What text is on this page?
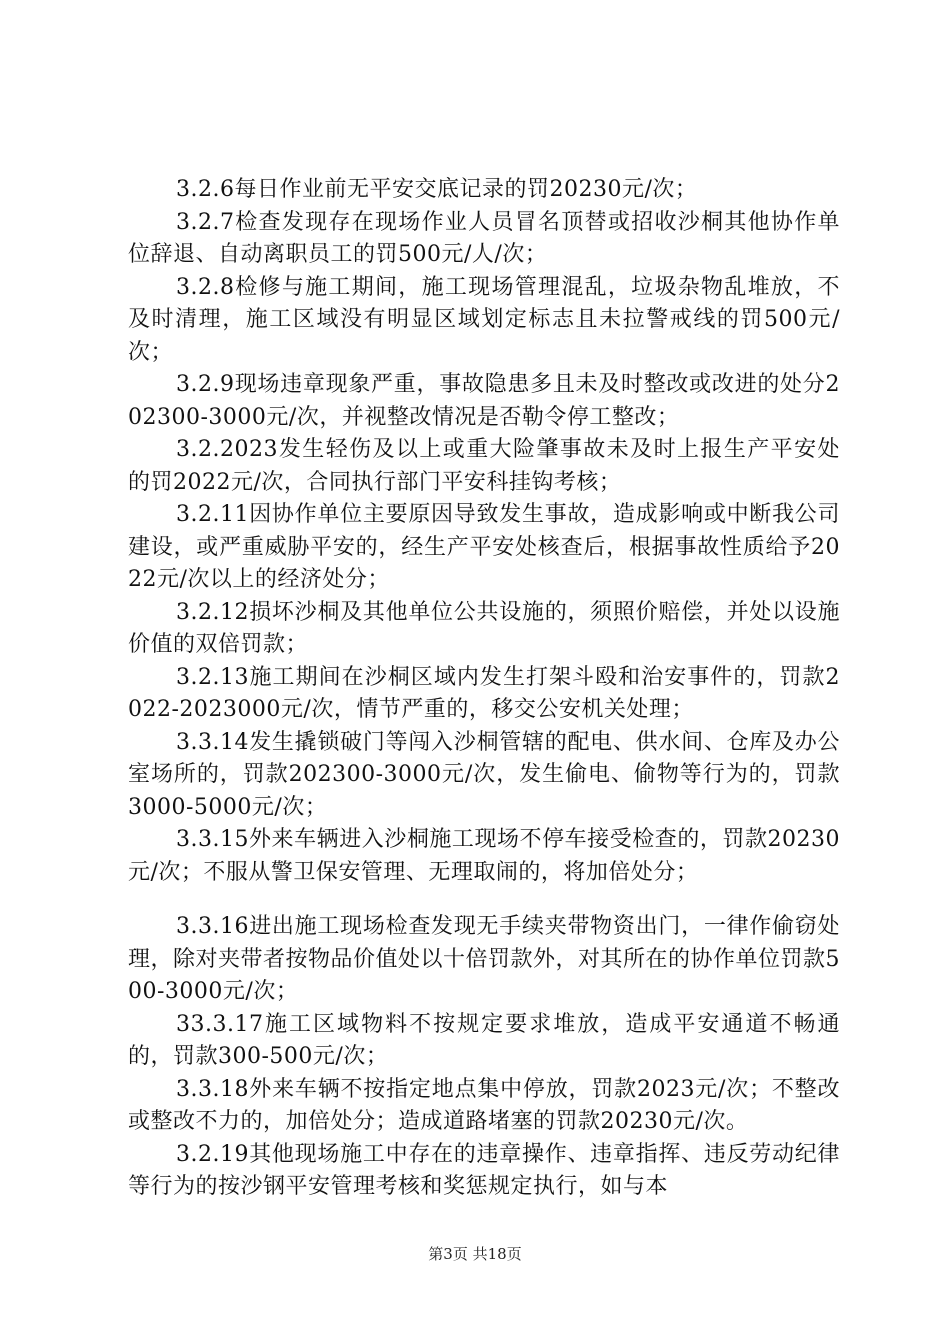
3.2.6每日作业前无平安交底记录的罚20230元/次；

3.2.7检查发现存在现场作业人员冒名顶替或招收沙桐其他协作单位辞退、自动离职员工的罚500元/人/次；

3.2.8检修与施工期间，施工现场管理混乱，垃圾杂物乱堆放，不及时清理，施工区域没有明显区域划定标志且未拉警戒线的罚500元/次；

3.2.9现场违章现象严重，事故隐患多且未及时整改或改进的处分202300-3000元/次，并视整改情况是否勒令停工整改；

3.2.2023发生轻伤及以上或重大险肇事故未及时上报生产平安处的罚2022元/次，合同执行部门平安科挂钩考核；

3.2.11因协作单位主要原因导致发生事故，造成影响或中断我公司建设，或严重威胁平安的，经生产平安处核查后，根据事故性质给予2022元/次以上的经济处分；

3.2.12损坏沙桐及其他单位公共设施的，须照价赔偿，并处以设施价值的双倍罚款；

3.2.13施工期间在沙桐区域内发生打架斗殴和治安事件的，罚款2022-2023000元/次，情节严重的，移交公安机关处理；

3.3.14发生撬锁破门等闯入沙桐管辖的配电、供水间、仓库及办公室场所的，罚款202300-3000元/次，发生偷电、偷物等行为的，罚款3000-5000元/次；

3.3.15外来车辆进入沙桐施工现场不停车接受检查的，罚款20230元/次；不服从警卫保安管理、无理取闹的，将加倍处分；

3.3.16进出施工现场检查发现无手续夹带物资出门，一律作偷窃处理，除对夹带者按物品价值处以十倍罚款外，对其所在的协作单位罚款500-3000元/次；

33.3.17施工区域物料不按规定要求堆放，造成平安通道不畅通的，罚款300-500元/次；

3.3.18外来车辆不按指定地点集中停放，罚款2023元/次；不整改或整改不力的，加倍处分；造成道路堵塞的罚款20230元/次。

3.2.19其他现场施工中存在的违章操作、违章指挥、违反劳动纪律等行为的按沙钢平安管理考核和奖惩规定执行，如与本

第3页 共18页
